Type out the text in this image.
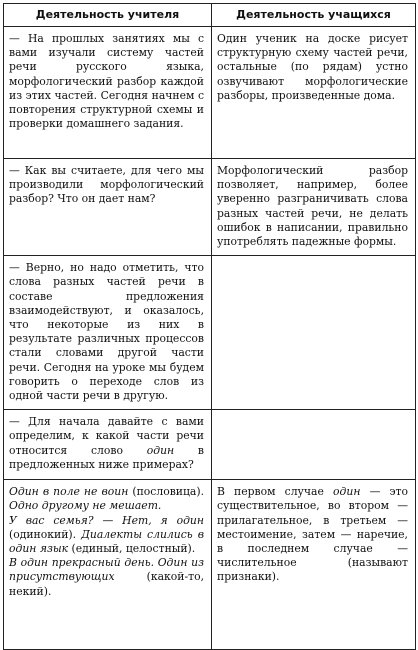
Деятельность учителя	Деятельность учащихся
— На прошлых занятиях мы с вами изучали систему частей речи русского языка, морфологический разбор каждой из этих частей. Сегодня начнем с повторения структурной схемы и проверки домашнего задания.	Один ученик на доске рисует структурную схему частей речи, остальные (по рядам) устно озвучивают морфологические разборы, произведенные дома.
— Как вы считаете, для чего мы производили морфологический разбор? Что он дает нам?	Морфологический разбор позволяет, например, более уверенно разграничивать слова разных частей речи, не делать ошибок в написании, правильно употреблять падежные формы.
— Верно, но надо отметить, что слова разных частей речи в составе предложения взаимодействуют, и оказалось, что некоторые из них в результате различных процессов стали словами другой части речи. Сегодня на уроке мы будем говорить о переходе слов из одной части речи в другую.	
— Для начала давайте с вами определим, к какой части речи относится слово один в предложенных ниже примерах?	

Один в поле не воин (пословица). Одно другому не мешает.
У вас семья? — Нет, я один (одинокий). Диалекты слились в один язык (единый, целостный).
В один прекрасный день. Один из присутствующих (какой-то, некий).	В первом случае один — это существительное, во втором — прилагательное, в третьем — местоимение, затем — наречие, в последнем случае — числительное (называют признаки).
